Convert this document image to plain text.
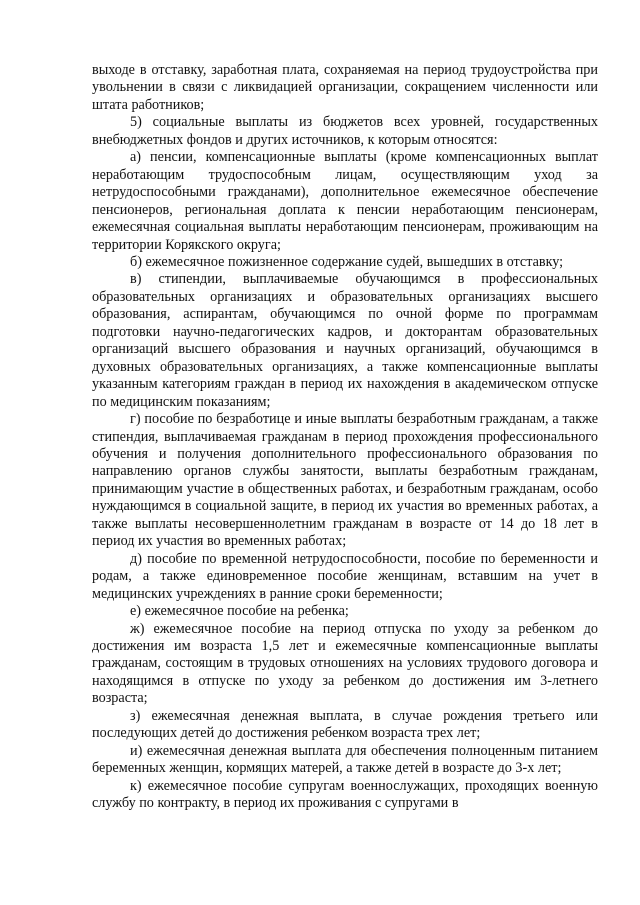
выходе в отставку, заработная плата, сохраняемая на период трудоустройства при увольнении в связи с ликвидацией организации, сокращением численности или штата работников;

5) социальные выплаты из бюджетов всех уровней, государственных внебюджетных фондов и других источников, к которым относятся:

а) пенсии, компенсационные выплаты (кроме компенсационных выплат неработающим трудоспособным лицам, осуществляющим уход за нетрудоспособными гражданами), дополнительное ежемесячное обеспечение пенсионеров, региональная доплата к пенсии неработающим пенсионерам, ежемесячная социальная выплаты неработающим пенсионерам, проживающим на территории Корякского округа;

б) ежемесячное пожизненное содержание судей, вышедших в отставку;

в) стипендии, выплачиваемые обучающимся в профессиональных образовательных организациях и образовательных организациях высшего образования, аспирантам, обучающимся по очной форме по программам подготовки научно-педагогических кадров, и докторантам образовательных организаций высшего образования и научных организаций, обучающимся в духовных образовательных организациях, а также компенсационные выплаты указанным категориям граждан в период их нахождения в академическом отпуске по медицинским показаниям;

г) пособие по безработице и иные выплаты безработным гражданам, а также стипендия, выплачиваемая гражданам в период прохождения профессионального обучения и получения дополнительного профессионального образования по направлению органов службы занятости, выплаты безработным гражданам, принимающим участие в общественных работах, и безработным гражданам, особо нуждающимся в социальной защите, в период их участия во временных работах, а также выплаты несовершеннолетним гражданам в возрасте от 14 до 18 лет в период их участия во временных работах;

д) пособие по временной нетрудоспособности, пособие по беременности и родам, а также единовременное пособие женщинам, вставшим на учет в медицинских учреждениях в ранние сроки беременности;

е) ежемесячное пособие на ребенка;

ж) ежемесячное пособие на период отпуска по уходу за ребенком до достижения им возраста 1,5 лет и ежемесячные компенсационные выплаты гражданам, состоящим в трудовых отношениях на условиях трудового договора и находящимся в отпуске по уходу за ребенком до достижения им 3-летнего возраста;

з) ежемесячная денежная выплата, в случае рождения третьего или последующих детей до достижения ребенком возраста трех лет;

и) ежемесячная денежная выплата для обеспечения полноценным питанием беременных женщин, кормящих матерей, а также детей в возрасте до 3-х лет;

к) ежемесячное пособие супругам военнослужащих, проходящих военную службу по контракту, в период их проживания с супругами в
